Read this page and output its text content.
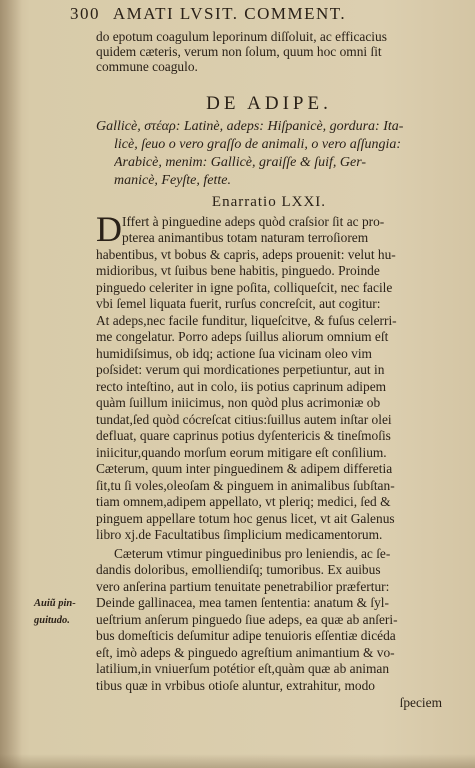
300 AMATI LVSIT. COMMENT.
do epotum coagulum leporinum diſſoluit, ac efficacius
quidem cæteris, verum non ſolum, quum hoc omni ſit
commune coagulo.
DE ADIPE.
Gallicè, στέαρ: Latinè, adeps: Hiſpanicè, gordura: Ita-
licè, ſeuo o vero graſſo de animali, o vero aſſungia:
Arabicè, menim: Gallicè, graiſſe & ſuif, Ger-
manicè, Feyſte, fette.
Enarratio LXXI.
D Iffert à pinguedine adeps quòd craſsior ſit ac pro-
pterea animantibus totam naturam terroſiorem
habentibus, vt bobus & capris, adeps prouenit: velut hu-
midioribus, vt ſuibus bene habitis, pinguedo. Proinde
pinguedo celeriter in igne poſita, colliqueſcit, nec facile
vbi ſemel liquata fuerit, rurſus concreſcit, aut cogitur:
At adeps,nec facile funditur, liqueſcitve, & fuſus celerri-
me congelatur. Porro adeps ſuillus aliorum omnium eſt
humidiſsimus, ob idq; actione ſua vicinam oleo vim
poſsidet: verum qui mordicationes perpetiuntur, aut in
recto inteſtino, aut in colo, iis potius caprinum adipem
quàm ſuillum iniicimus, non quòd plus acrimoniæ ob
tundat,ſed quòd cócreſcat citius:ſuillus autem inſtar olei
defluat, quare caprinus potius dyſentericis & tineſmoſis
iniicitur,quando morſum eorum mitigare eſt conſilium.
Cæterum, quum inter pinguedinem & adipem differetia
ſit,tu ſi voles,oleoſam & pinguem in animalibus ſubſtan-
tiam omnem,adipem appellato, vt pleriq; medici, ſed &
pinguem appellare totum hoc genus licet, vt ait Galenus
libro xj.de Facultatibus ſimplicium medicamentorum.
Cæterum vtimur pinguedinibus pro leniendis, ac ſe-
dandis doloribus, emolliendiſq; tumoribus. Ex auibus
vero anſerina partium tenuitate penetrabilior præfertur:
Deinde gallinacea, mea tamen ſententia: anatum & ſyl-
ueſtrium anſerum pinguedo ſiue adeps, ea quæ ab anſeri-
bus domeſticis deſumitur adipe tenuioris eſſentiæ dicéda
eſt, imò adeps & pinguedo agreſtium animantium & vo-
latilium,in vniuerſum potétior eſt,quàm quæ ab animan
tibus quæ in vrbibus otioſe aluntur, extrahitur, modo
ſpeciem
Auiũ pin-
guitudo.
